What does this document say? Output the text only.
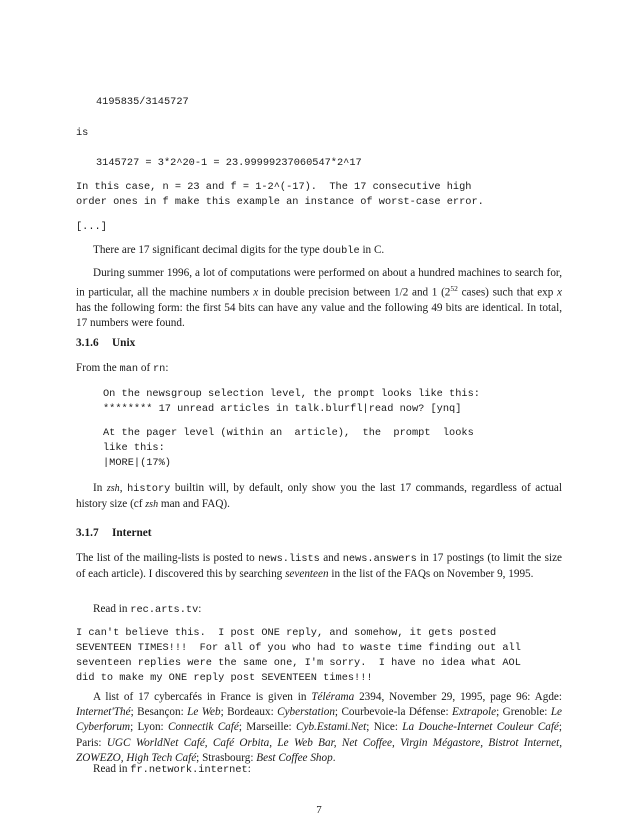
4195835/3145727
is
3145727 = 3*2^20-1 = 23.99999237060547*2^17
In this case, n = 23 and f = 1-2^(-17).  The 17 consecutive high
order ones in f make this example an instance of worst-case error.
[...]

There are 17 significant decimal digits for the type double in C.

During summer 1996, a lot of computations were performed on about a hundred machines to search for, in particular, all the machine numbers x in double precision between 1/2 and 1 ($2^{52}$ cases) such that exp x has the following form: the first 54 bits can have any value and the following 49 bits are identical. In total, 17 numbers were found.

3.1.6 Unix

From the man of rn:

On the newsgroup selection level, the prompt looks like this:
******** 17 unread articles in talk.blurfl|read now? [ynq]
At the pager level (within an  article),  the  prompt  looks
like this:
|MORE|(17%)

In zsh, history builtin will, by default, only show you the last 17 commands, regardless of actual history size (cf zsh man and FAQ).

3.1.7 Internet

The list of the mailing-lists is posted to news.lists and news.answers in 17 postings (to limit the size of each article). I discovered this by searching seventeen in the list of the FAQs on November 9, 1995.

Read in rec.arts.tv:

I can't believe this.  I post ONE reply, and somehow, it gets posted
SEVENTEEN TIMES!!!  For all of you who had to waste time finding out all
seventeen replies were the same one, I'm sorry.  I have no idea what AOL
did to make my ONE reply post SEVENTEEN times!!!

A list of 17 cybercafés in France is given in Télérama 2394, November 29, 1995, page 96: Agde: Internet'Thé; Besançon: Le Web; Bordeaux: Cyberstation; Courbevoie-la Défense: Extrapole; Grenoble: Le Cyberforum; Lyon: Connectik Café; Marseille: Cyb.Estami.Net; Nice: La Douche-Internet Couleur Café; Paris: UGC WorldNet Café, Café Orbita, Le Web Bar, Net Coffee, Virgin Mégastore, Bistrot Internet, ZOWEZO, High Tech Café; Strasbourg: Best Coffee Shop.

Read in fr.network.internet:

7
